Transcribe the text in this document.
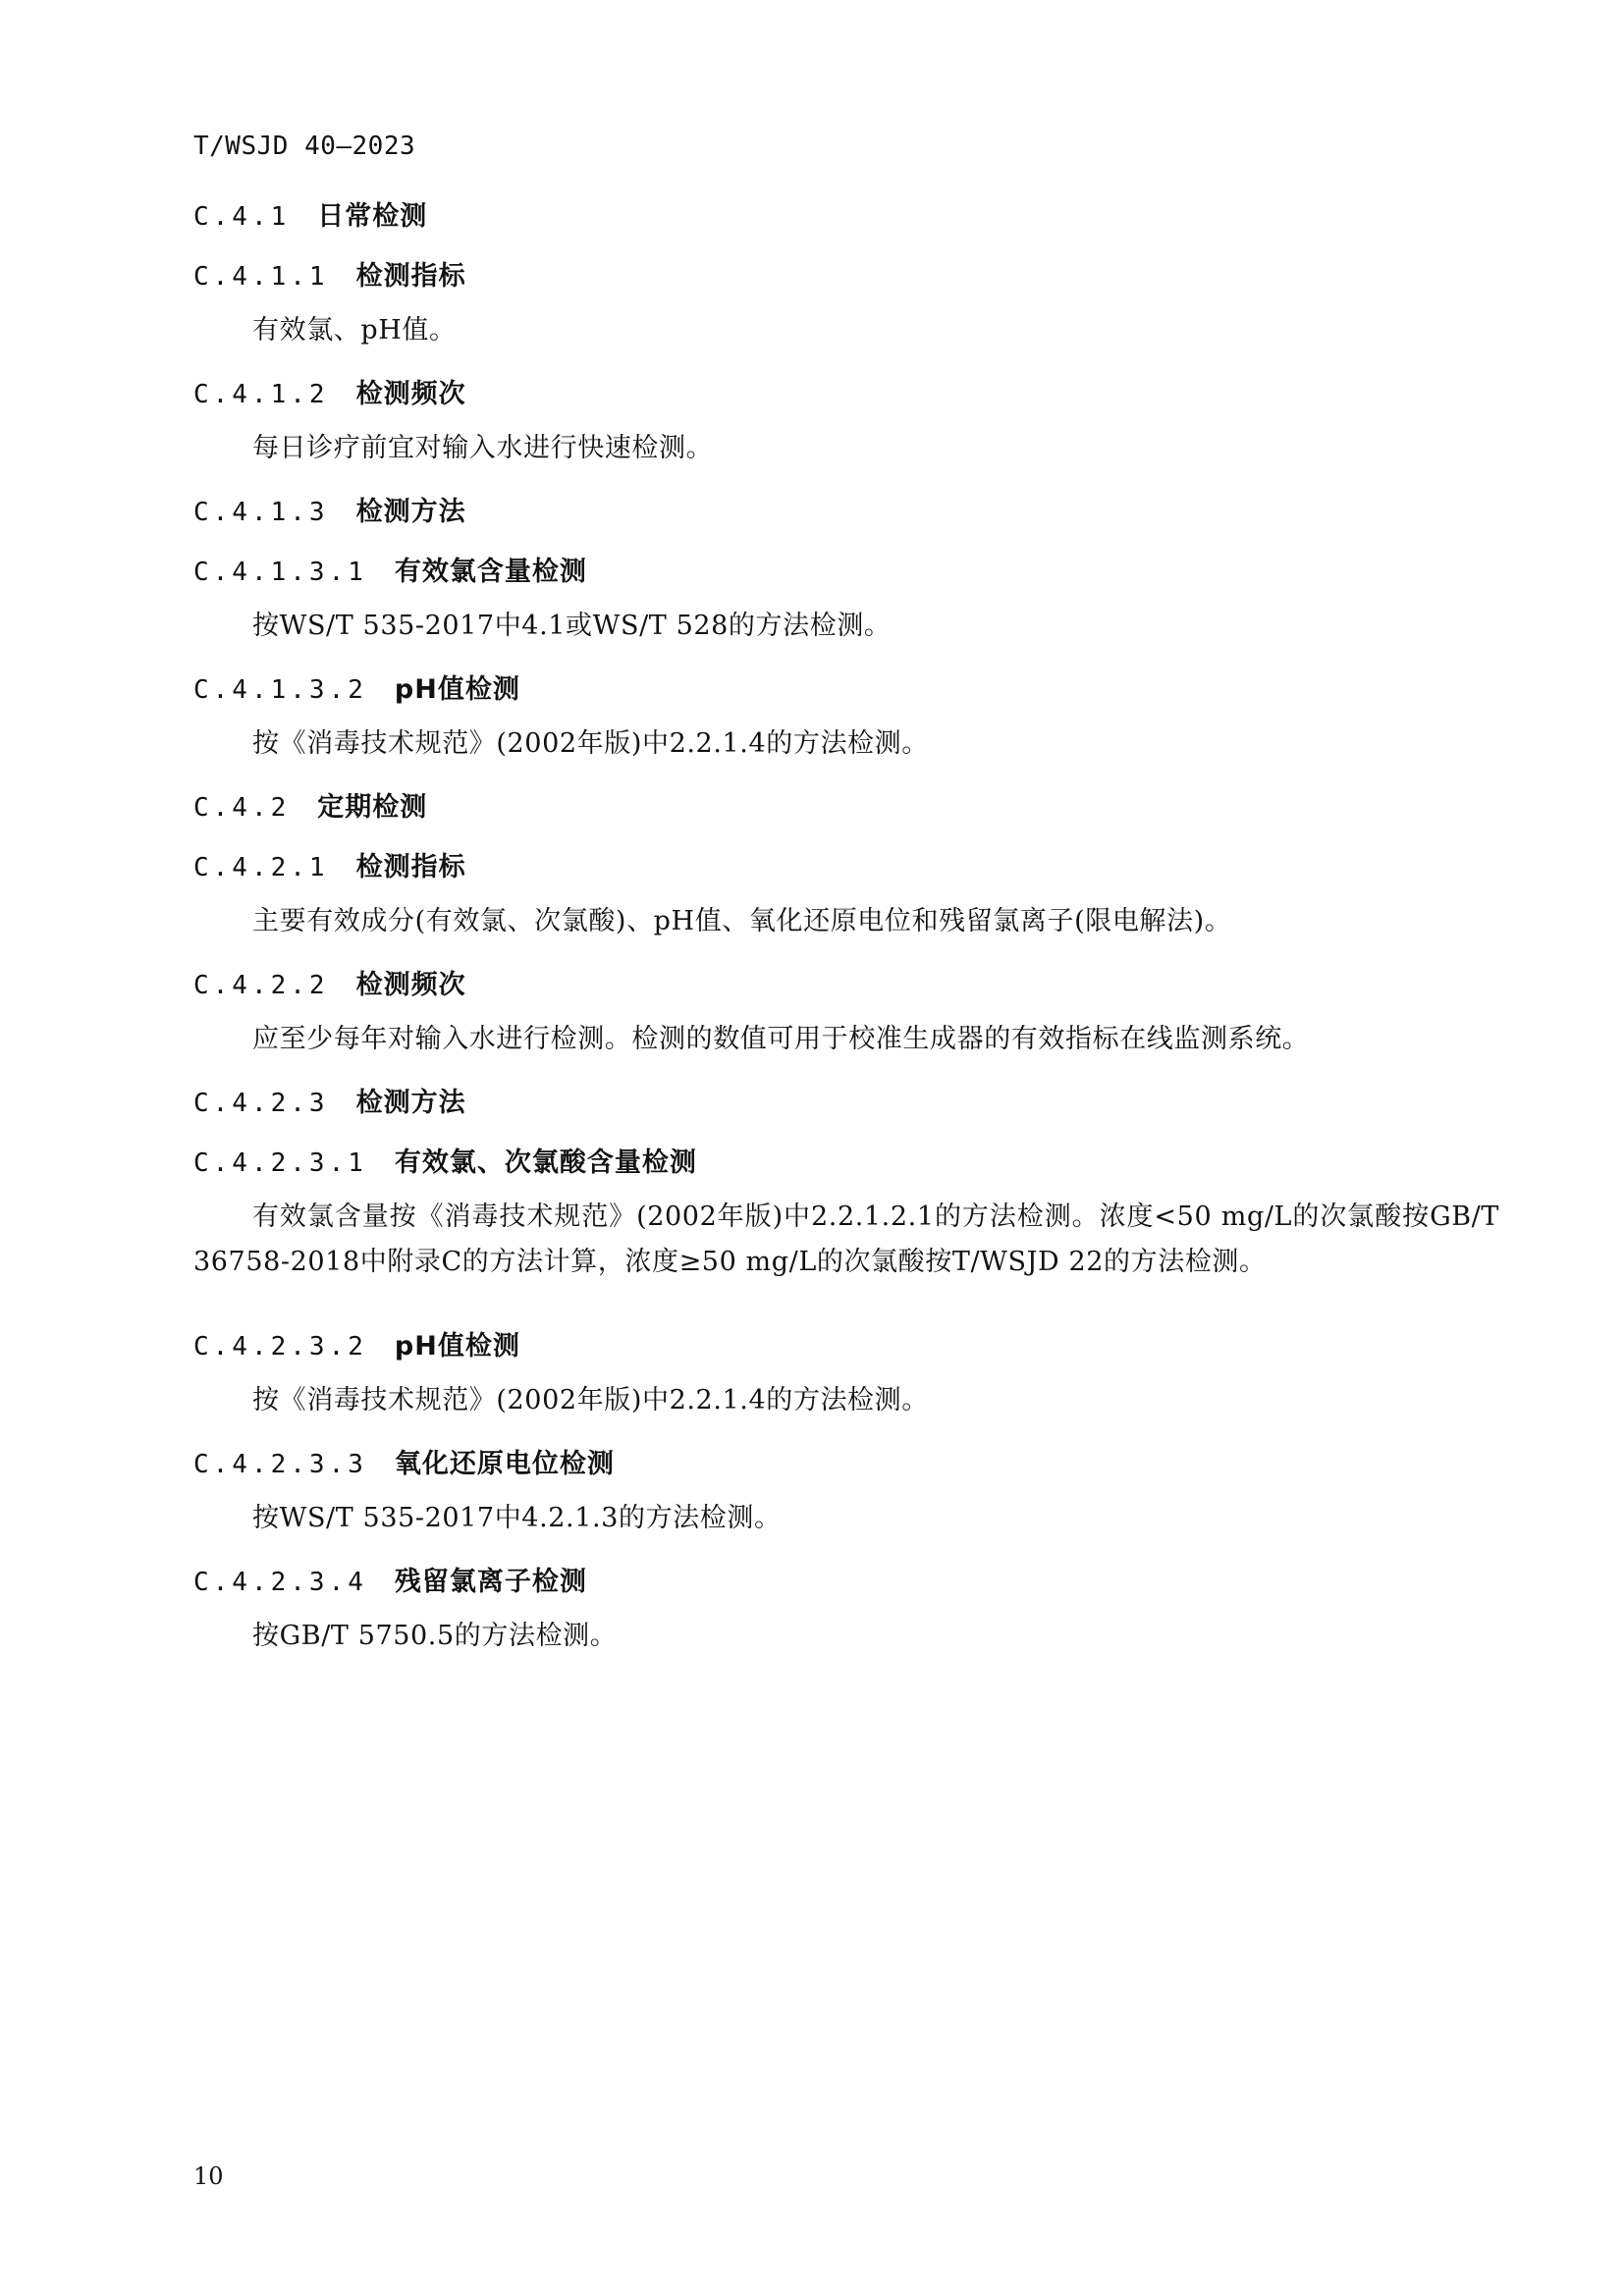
T/WSJD 40—2023

C.4.1 日常检测
C.4.1.1 检测指标

有效氯、pH值。

C.4.1.2 检测频次

每日诊疗前宜对输入水进行快速检测。

C.4.1.3 检测方法
C.4.1.3.1 有效氯含量检测

按WS/T 535-2017中4.1或WS/T 528的方法检测。

C.4.1.3.2 pH值检测

按《消毒技术规范》(2002年版)中2.2.1.4的方法检测。

C.4.2 定期检测
C.4.2.1 检测指标

主要有效成分(有效氯、次氯酸)、pH值、氧化还原电位和残留氯离子(限电解法)。

C.4.2.2 检测频次

应至少每年对输入水进行检测。检测的数值可用于校准生成器的有效指标在线监测系统。

C.4.2.3 检测方法
C.4.2.3.1 有效氯、次氯酸含量检测

有效氯含量按《消毒技术规范》(2002年版)中2.2.1.2.1的方法检测。浓度<50 mg/L的次氯酸按GB/T 36758-2018中附录C的方法计算，浓度≥50 mg/L的次氯酸按T/WSJD 22的方法检测。

C.4.2.3.2 pH值检测

按《消毒技术规范》(2002年版)中2.2.1.4的方法检测。

C.4.2.3.3 氧化还原电位检测

按WS/T 535-2017中4.2.1.3的方法检测。

C.4.2.3.4 残留氯离子检测

按GB/T 5750.5的方法检测。

10
